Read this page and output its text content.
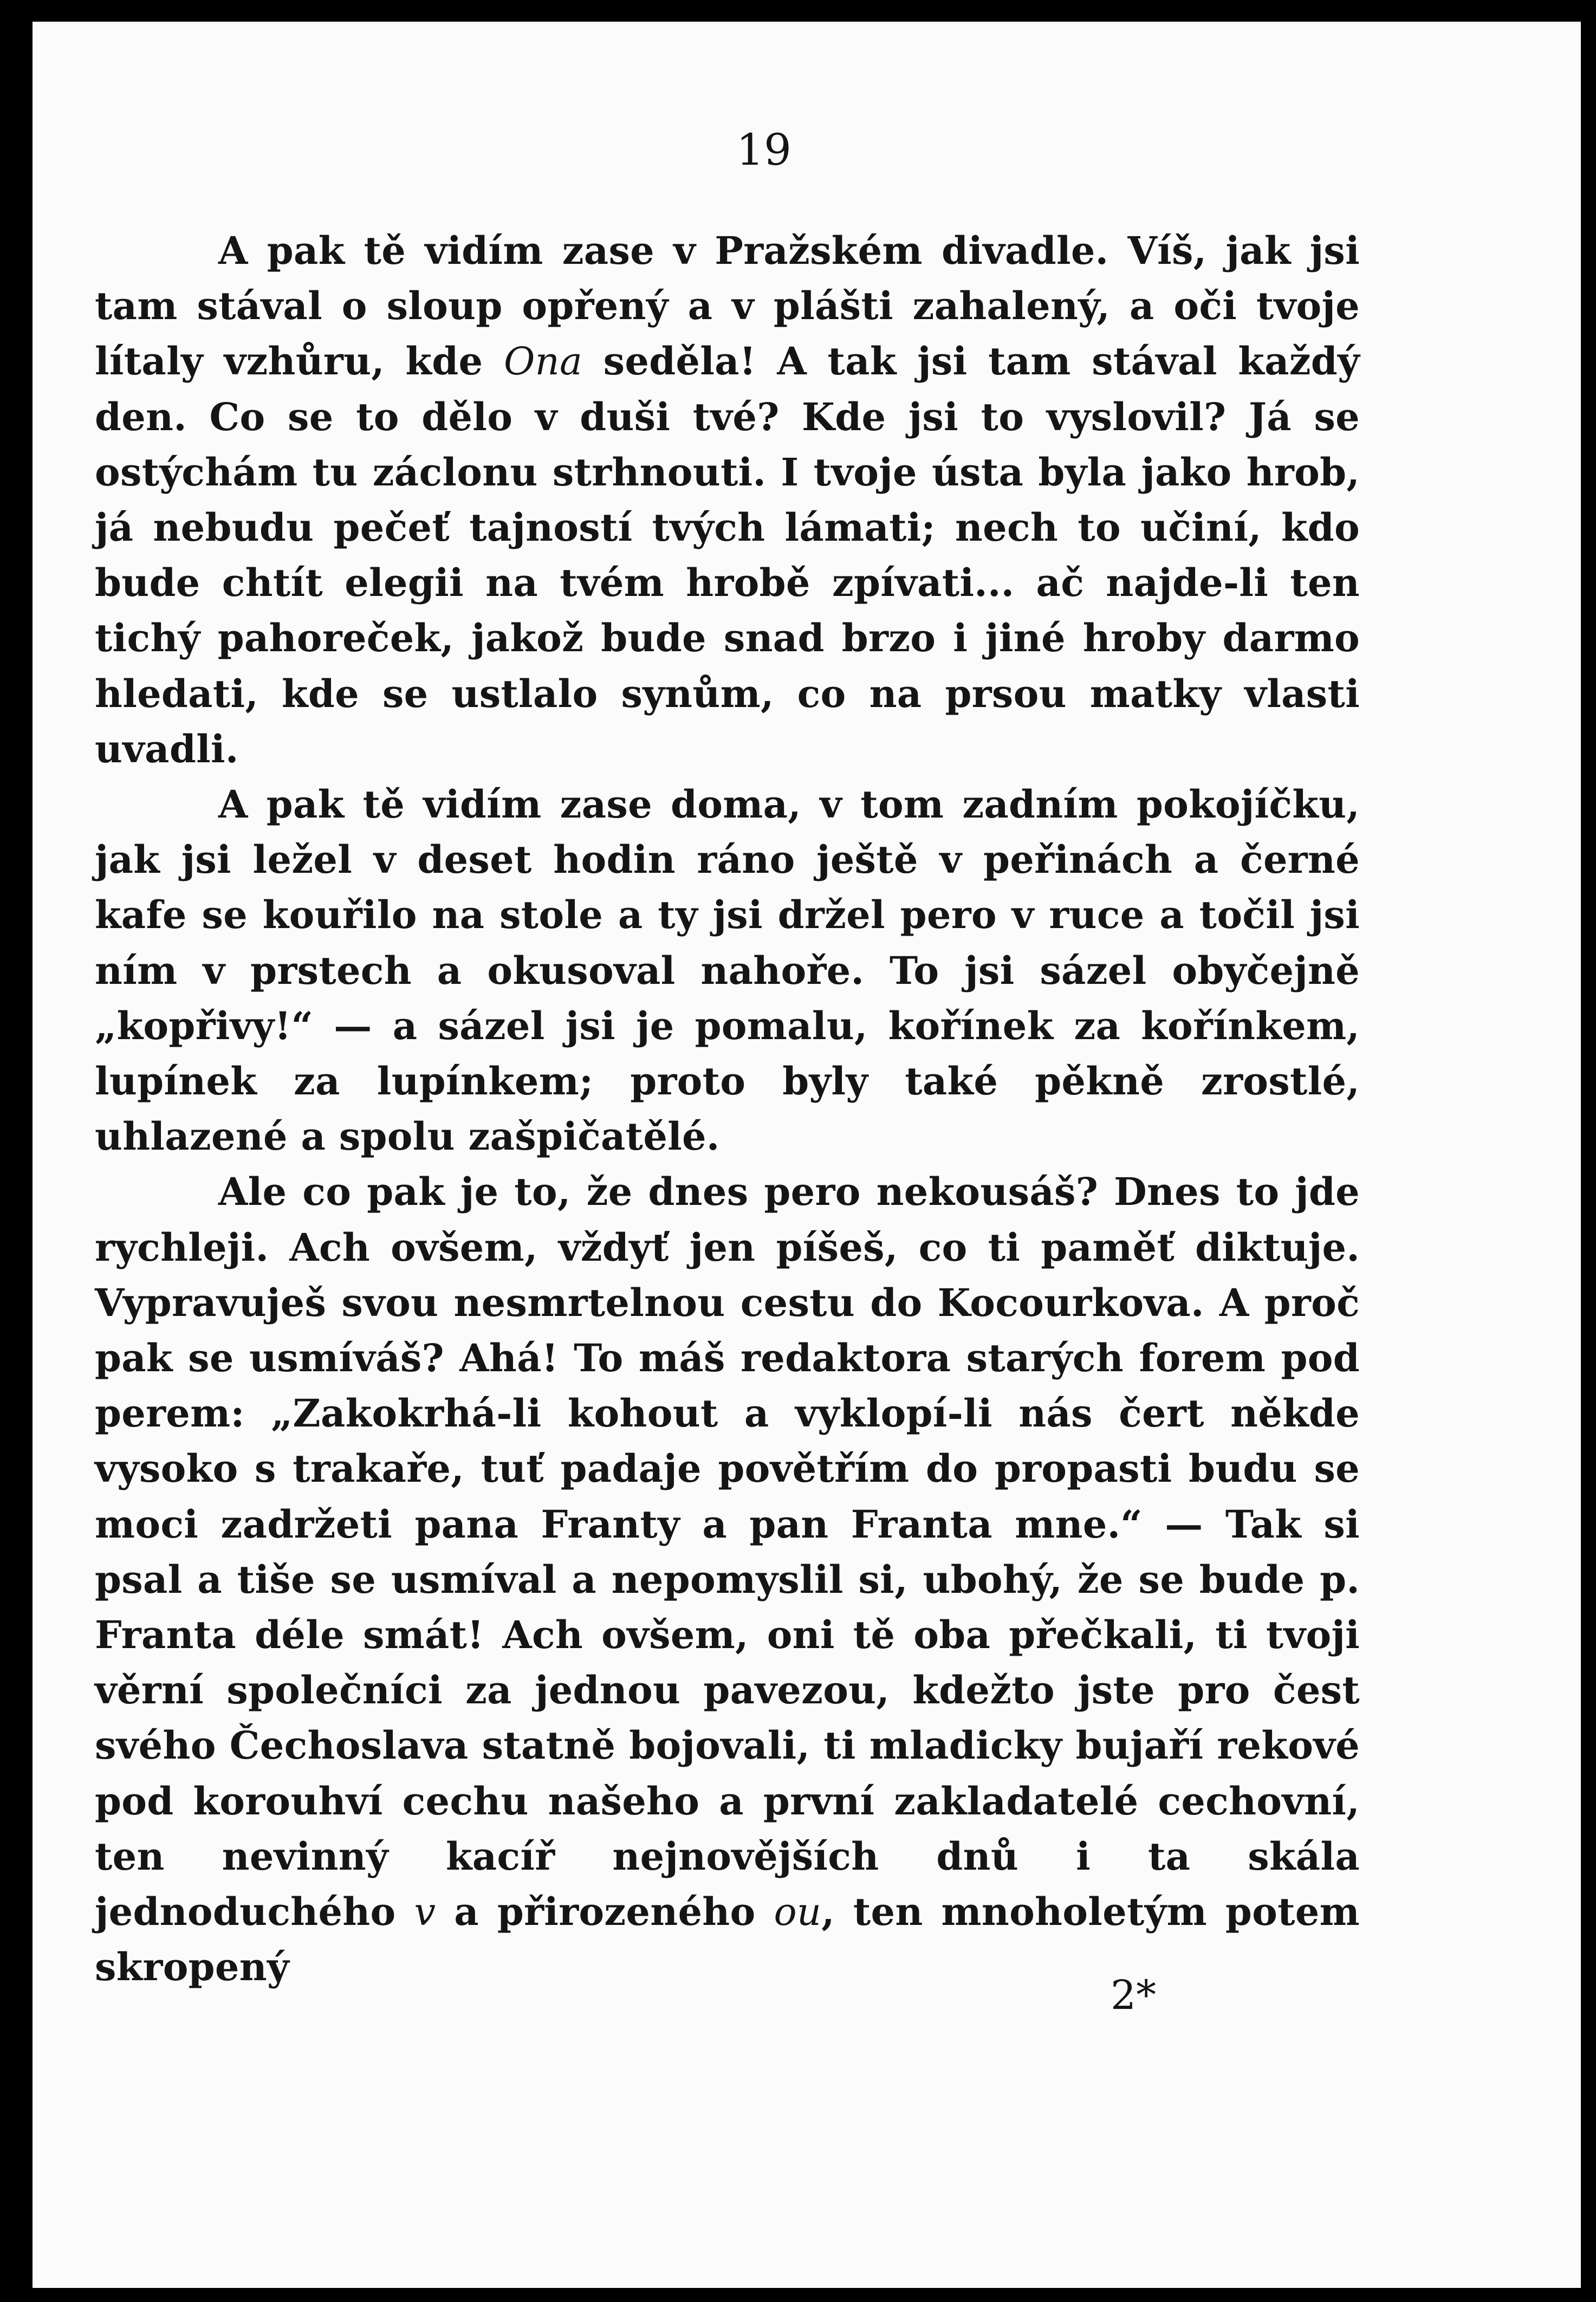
19

A pak tě vidím zase v Pražském divadle. Víš, jak jsi tam stával o sloup opřený a v plášti zahalený, a oči tvoje lítaly vzhůru, kde Ona seděla! A tak jsi tam stával každý den. Co se to dělo v duši tvé? Kde jsi to vyslovil? Já se ostýchám tu záclonu strhnouti. I tvoje ústa byla jako hrob, já nebudu pečeť tajností tvých lámati; nech to učiní, kdo bude chtít elegii na tvém hrobě zpívati... ač najde-li ten tichý pahoreček, jakož bude snad brzo i jiné hroby darmo hledati, kde se ustlalo synům, co na prsou matky vlasti uvadli.

A pak tě vidím zase doma, v tom zadním pokojíčku, jak jsi ležel v deset hodin ráno ještě v peřinách a černé kafe se kouřilo na stole a ty jsi držel pero v ruce a točil jsi ním v prstech a okusoval nahoře. To jsi sázel obyčejně „kopřivy!“ — a sázel jsi je pomalu, kořínek za kořínkem, lupínek za lupínkem; proto byly také pěkně zrostlé, uhlazené a spolu zašpičatělé.

Ale co pak je to, že dnes pero nekousáš? Dnes to jde rychleji. Ach ovšem, vždyť jen píšeš, co ti paměť diktuje. Vypravuješ svou nesmrtelnou cestu do Kocourkova. A proč pak se usmíváš? Ahá! To máš redaktora starých forem pod perem: „Zakokrhá-li kohout a vyklopí-li nás čert někde vysoko s trakaře, tuť padaje povětřím do propasti budu se moci zadržeti pana Franty a pan Franta mne.“ — Tak si psal a tiše se usmíval a nepomyslil si, ubohý, že se bude p. Franta déle smát! Ach ovšem, oni tě oba přečkali, ti tvoji věrní společníci za jednou pavezou, kdežto jste pro čest svého Čechoslava statně bojovali, ti mladicky bujaří rekové pod korouhví cechu našeho a první zakladatelé cechovní, ten nevinný kacíř nejnovějších dnů i ta skála jednoduchého v a přirozeného ou, ten mnoholetým potem skropený

2*
